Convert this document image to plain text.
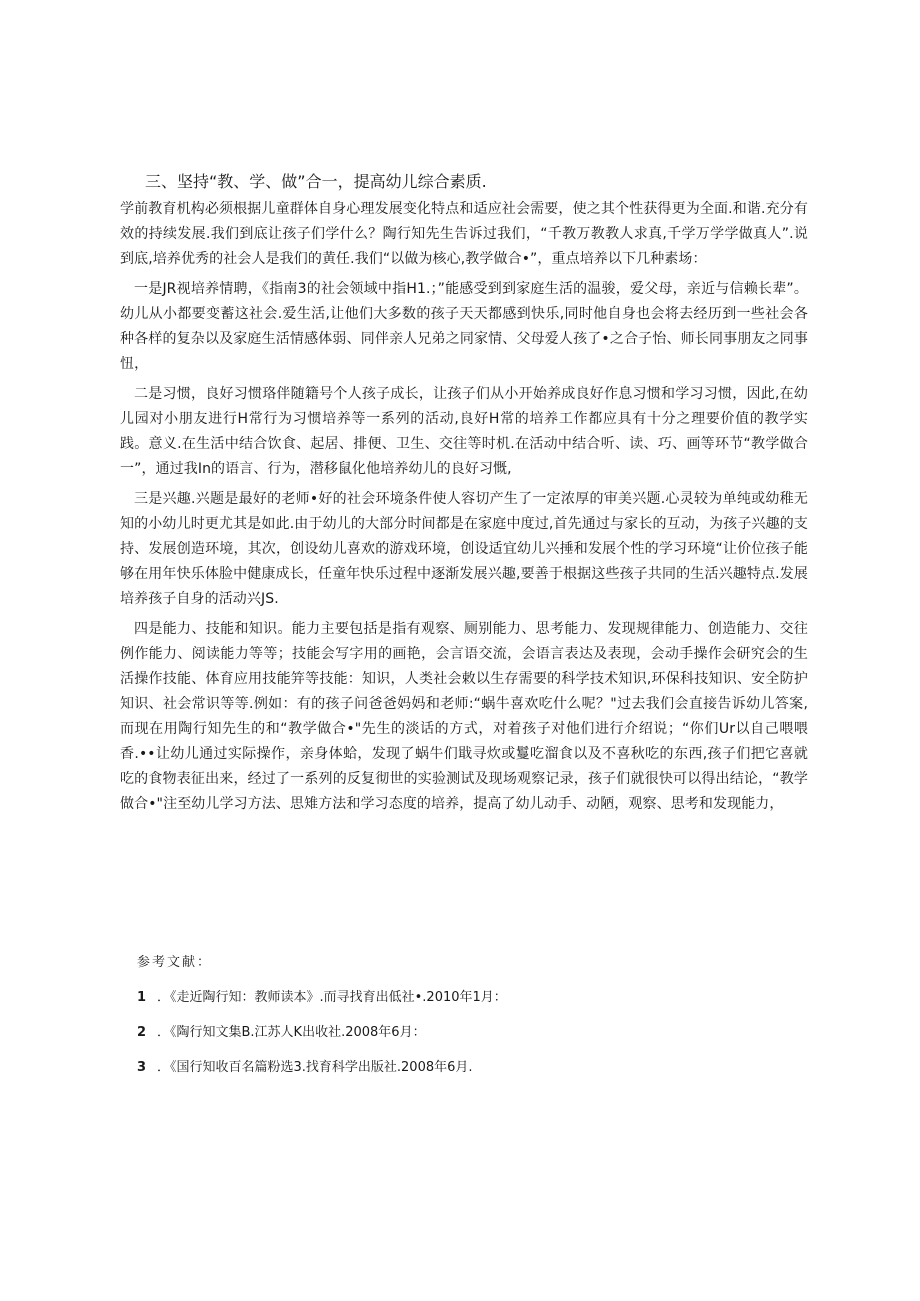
三、坚持“教、学、做”合一，提高幼儿综合素质.

学前教育机构必须根据儿童群体自身心理发展变化特点和适应社会需要，使之其个性获得更为全面.和谐.充分有效的持续发展.我们到底让孩子们学什么？陶行知先生告诉过我们，“千教万教教人求真,千学万学学做真人”.说到底,培养优秀的社会人是我们的黄任.我们“以做为核心,教学做合•”，重点培养以下几种素场：

一是JR视培养情聘，《指南3的社会领域中指H1.；”能感受到到家庭生活的温骏，爱父母，亲近与信赖长辈”。幼儿从小都要变蓄这社会.爱生活,让他们大多数的孩子天天都感到快乐,同时他自身也会将去经历到一些社会各种各样的复杂以及家庭生活情感体弱、同伴亲人兄弟之同家情、父母爱人孩了•之合子怡、师长同事朋友之同事忸，

二是习惯，良好习惯珞伴随籍号个人孩子成长，让孩子们从小开始养成良好作息习惯和学习习惯，因此,在幼儿园对小朋友进行H常行为习惯培养等一系列的活动,良好H常的培养工作都应具有十分之理要价值的教学实践。意义.在生活中结合饮食、起居、排便、卫生、交往等时机.在活动中结合听、读、巧、画等环节“教学做合一”，通过我In的语言、行为，潜移鼠化他培养幼儿的良好习慨,

三是兴趣.兴题是最好的老师•好的社会环境条件使人容切产生了一定浓厚的审美兴题.心灵较为单纯或幼稚无知的小幼儿时更尤其是如此.由于幼儿的大部分时间都是在家庭中度过,首先通过与家长的互动，为孩子兴趣的支持、发展创造环境，其次，创设幼儿喜欢的游戏环境，创设适宜幼儿兴捶和发展个性的学习环境“让价位孩子能够在用年快乐体脸中健康成长，任童年快乐过程中逐渐发展兴趣,要善于根据这些孩子共同的生活兴趣特点.发展培养孩子自身的活动兴JS.

四是能力、技能和知识。能力主要包括是指有观察、厕别能力、思考能力、发现规律能力、创造能力、交往例作能力、阅读能力等等；技能会写字用的画艳，会言语交流，会语言表达及表现，会动手操作会研究会的生活操作技能、体育应用技能笄等技能：知识，人类社会敕以生存需要的科学技术知识,环保科技知识、安全防护知识、社会常识等等.例如：有的孩子问爸爸妈妈和老师:“蜗牛喜欢吃什么呢？"过去我们会直接告诉幼儿答案,而现在用陶行知先生的和“教学做合•"先生的淡话的方式，对着孩子对他们进行介绍说；“你们Ur以自己喂喂香.••让幼儿通过实际操作，亲身体蛤，发现了蜗牛们戢寻炊或鬘吃溜食以及不喜秋吃的东西,孩子们把它喜就吃的食物表征出来，经过了一系列的反复彻世的实验测试及现场观察记录，孩子们就很快可以得出结论，“教学做合•"注至幼儿学习方法、思雉方法和学习态度的培养，提高了幼儿动手、动陋，观察、思考和发现能力，

参考文献：
1 ．《走近陶行知：教师读本》.而寻找育出低社•.2010年1月：
2 ．《陶行知文集B.江苏人K出收社.2008年6月：
3 ．《国行知收百名篇粉选3.找育科学出版社.2008年6月.
